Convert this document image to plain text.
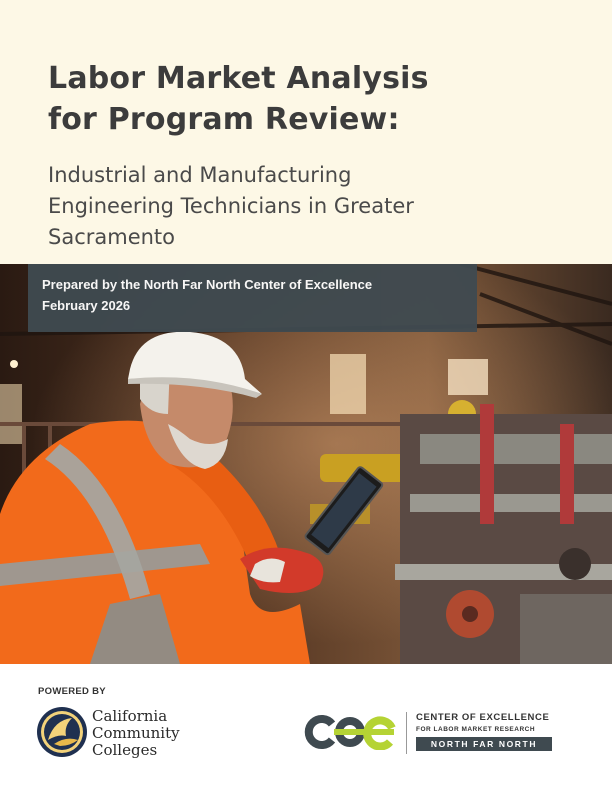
Labor Market Analysis
for Program Review:
Industrial and Manufacturing
Engineering Technicians in Greater
Sacramento
Prepared by the North Far North Center of Excellence
February 2026
POWERED BY
California
Community
Colleges
CENTER OF EXCELLENCE
FOR LABOR MARKET RESEARCH
NORTH FAR NORTH
